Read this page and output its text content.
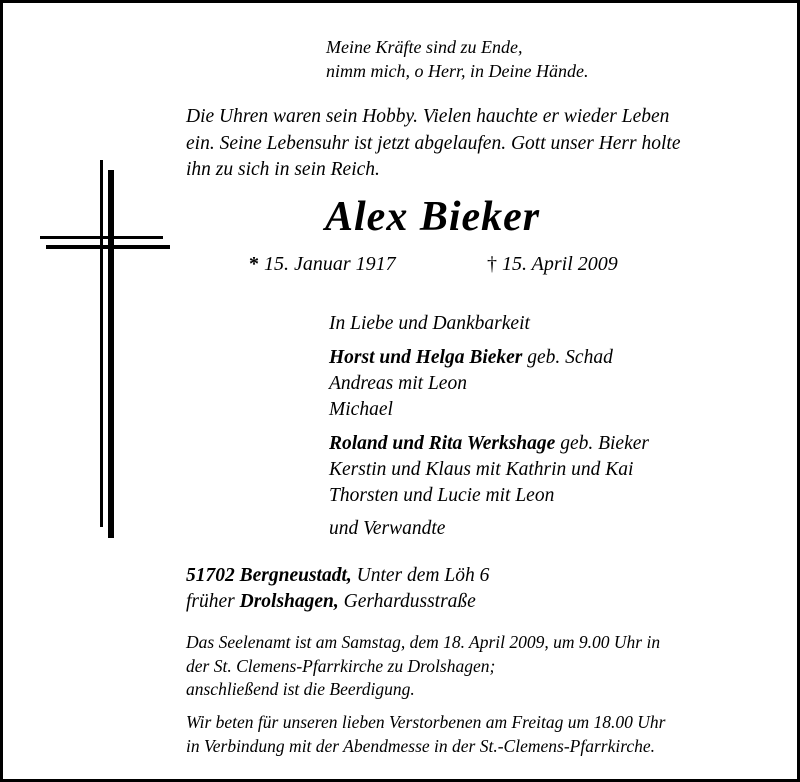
Meine Kräfte sind zu Ende,
nimm mich, o Herr, in Deine Hände.
Die Uhren waren sein Hobby. Vielen hauchte er wieder Leben
ein. Seine Lebensuhr ist jetzt abgelaufen. Gott unser Herr holte
ihn zu sich in sein Reich.
Alex Bieker
* 15. Januar 1917	† 15. April 2009
In Liebe und Dankbarkeit
Horst und Helga Bieker geb. Schad
Andreas mit Leon
Michael
Roland und Rita Werkshage geb. Bieker
Kerstin und Klaus mit Kathrin und Kai
Thorsten und Lucie mit Leon
und Verwandte
51702 Bergneustadt, Unter dem Löh 6
früher Drolshagen, Gerhardusstraße
Das Seelenamt ist am Samstag, dem 18. April 2009, um 9.00 Uhr in
der St. Clemens-Pfarrkirche zu Drolshagen;
anschließend ist die Beerdigung.
Wir beten für unseren lieben Verstorbenen am Freitag um 18.00 Uhr
in Verbindung mit der Abendmesse in der St.-Clemens-Pfarrkirche.
